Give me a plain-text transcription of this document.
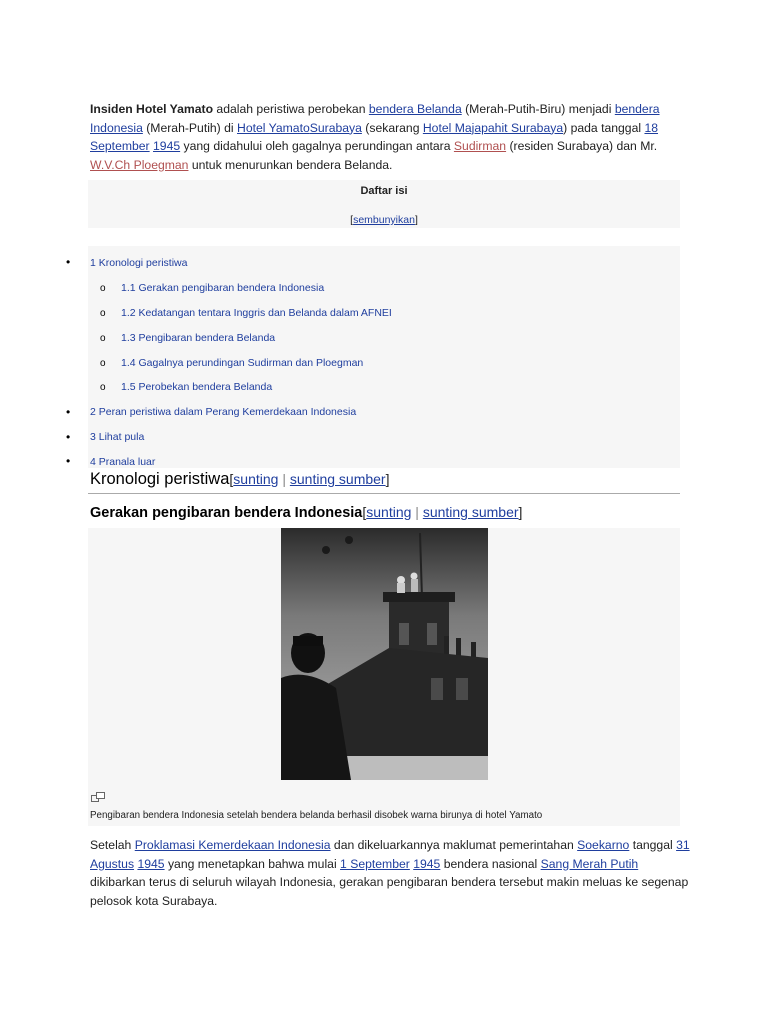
Insiden Hotel Yamato adalah peristiwa perobekan bendera Belanda (Merah-Putih-Biru) menjadi bendera Indonesia (Merah-Putih) di Hotel YamatoSurabaya (sekarang Hotel Majapahit Surabaya) pada tanggal 18 September 1945 yang didahului oleh gagalnya perundingan antara Sudirman (residen Surabaya) dan Mr. W.V.Ch Ploegman untuk menurunkan bendera Belanda.
Daftar isi
[sembunyikan]
• 1 Kronologi peristiwa
o 1.1 Gerakan pengibaran bendera Indonesia
o 1.2 Kedatangan tentara Inggris dan Belanda dalam AFNEI
o 1.3 Pengibaran bendera Belanda
o 1.4 Gagalnya perundingan Sudirman dan Ploegman
o 1.5 Perobekan bendera Belanda
• 2 Peran peristiwa dalam Perang Kemerdekaan Indonesia
• 3 Lihat pula
• 4 Pranala luar
Kronologi peristiwa[sunting | sunting sumber]
Gerakan pengibaran bendera Indonesia[sunting | sunting sumber]
Pengibaran bendera Indonesia setelah bendera belanda berhasil disobek warna birunya di hotel Yamato
Setelah Proklamasi Kemerdekaan Indonesia dan dikeluarkannya maklumat pemerintahan Soekarno tanggal 31 Agustus 1945 yang menetapkan bahwa mulai 1 September 1945 bendera nasional Sang Merah Putih dikibarkan terus di seluruh wilayah Indonesia, gerakan pengibaran bendera tersebut makin meluas ke segenap pelosok kota Surabaya.
